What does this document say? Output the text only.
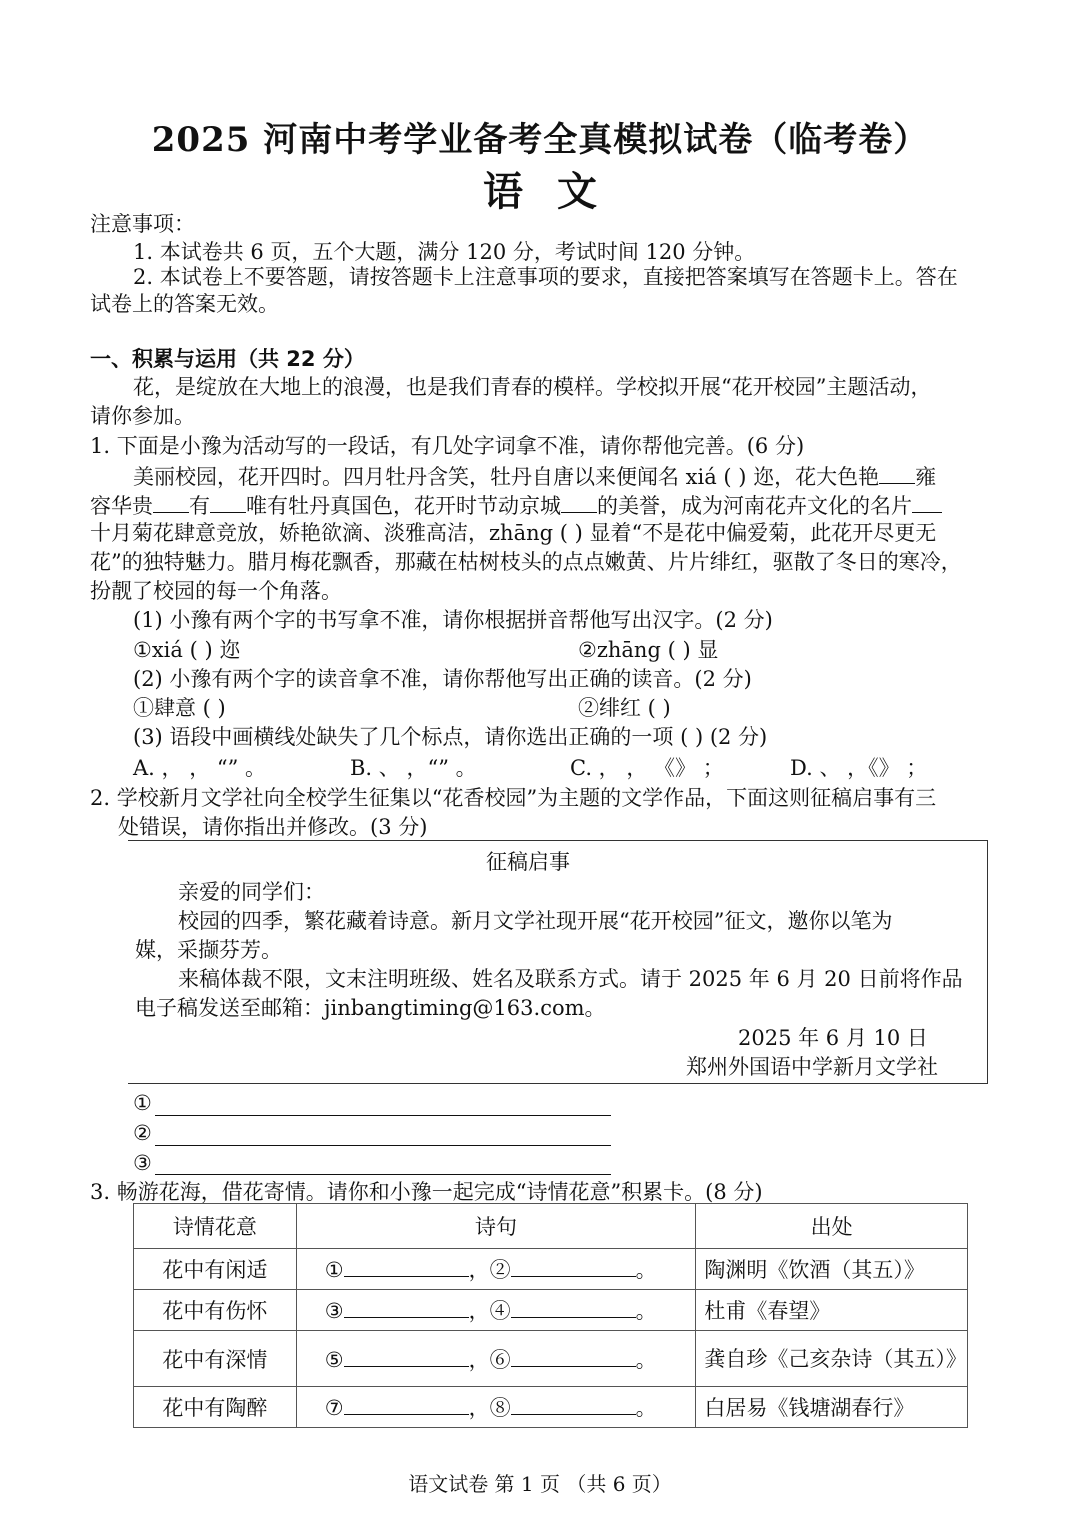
2025 河南中考学业备考全真模拟试卷（临考卷）
语文
注意事项：
1. 本试卷共 6 页，五个大题，满分 120 分，考试时间 120 分钟。
2. 本试卷上不要答题，请按答题卡上注意事项的要求，直接把答案填写在答题卡上。答在
试卷上的答案无效。
一、积累与运用（共 22 分）
花，是绽放在大地上的浪漫，也是我们青春的模样。学校拟开展“花开校园”主题活动，
请你参加。
1. 下面是小豫为活动写的一段话，有几处字词拿不准，请你帮他完善。(6 分)
美丽校园，花开四时。四月牡丹含笑，牡丹自唐以来便闻名 xiá ( ) 迩，花大色艳 雍
容华贵 有 唯有牡丹真国色，花开时节动京城 的美誉，成为河南花卉文化的名片
十月菊花肆意竞放，娇艳欲滴、淡雅高洁，zhāng ( ) 显着“不是花中偏爱菊，此花开尽更无
花”的独特魅力。腊月梅花飘香，那藏在枯树枝头的点点嫩黄、片片绯红，驱散了冬日的寒冷，
扮靓了校园的每一个角落。
(1) 小豫有两个字的书写拿不准，请你根据拼音帮他写出汉字。(2 分)
①xiá ( ) 迩	②zhāng ( ) 显
(2) 小豫有两个字的读音拿不准，请你帮他写出正确的读音。(2 分)
①肆意 ( )	②绯红 ( )
(3) 语段中画横线处缺失了几个标点，请你选出正确的一项 ( ) (2 分)
A. ， ， “” 。	B. 、 ，“” 。	C. ， ， 《》 ；	D. 、 ，《》 ；
2. 学校新月文学社向全校学生征集以“花香校园”为主题的文学作品，下面这则征稿启事有三
处错误，请你指出并修改。(3 分)
征稿启事
亲爱的同学们：
校园的四季，繁花藏着诗意。新月文学社现开展“花开校园”征文，邀你以笔为
媒，采撷芬芳。
来稿体裁不限，文末注明班级、姓名及联系方式。请于 2025 年 6 月 20 日前将作品
电子稿发送至邮箱：jinbangtiming@163.com。
2025 年 6 月 10 日
郑州外国语中学新月文学社
①
②
③
3. 畅游花海，借花寄情。请你和小豫一起完成“诗情花意”积累卡。(8 分)
诗情花意	诗句	出处
花中有闲适	① ，② 。	陶渊明《饮酒（其五）》
花中有伤怀	③ ，④ 。	杜甫《春望》
花中有深情	⑤ ，⑥ 。	龚自珍《己亥杂诗（其五）》
花中有陶醉	⑦ ，⑧ 。	白居易《钱塘湖春行》
语文试卷 第 1 页 （共 6 页）
